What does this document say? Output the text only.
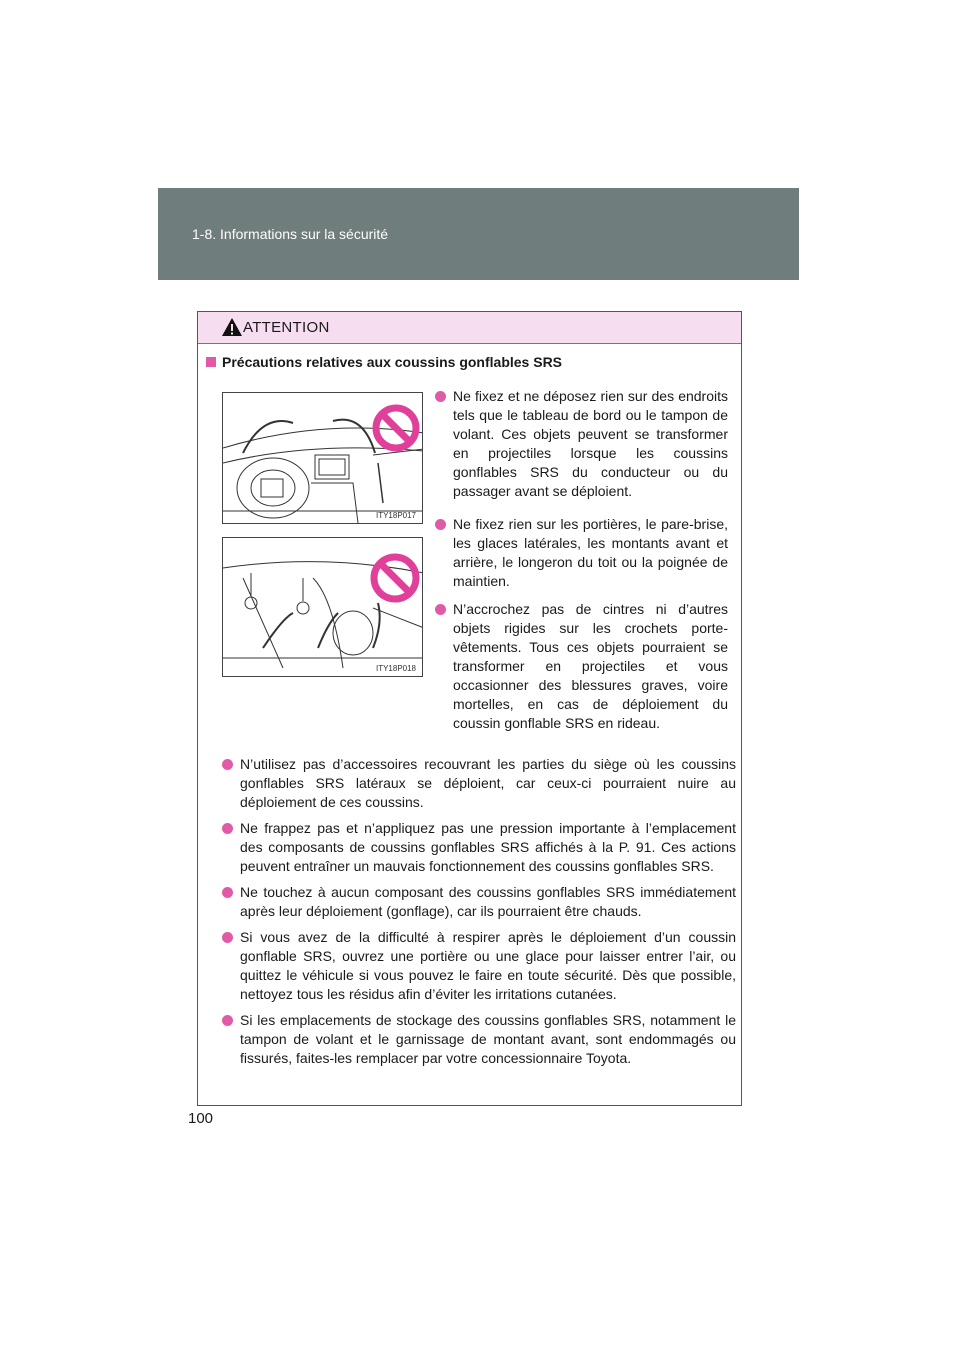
1-8. Informations sur la sécurité
ATTENTION
Précautions relatives aux coussins gonflables SRS
ITY18P017
ITY18P018
Ne fixez et ne déposez rien sur des endroits tels que le tableau de bord ou le tampon de volant. Ces objets peuvent se transformer en projectiles lorsque les coussins gonflables SRS du conducteur ou du passager avant se déploient.
Ne fixez rien sur les portières, le pare-brise, les glaces latérales, les montants avant et arrière, le longeron du toit ou la poignée de maintien.
N’accrochez pas de cintres ni d’autres objets rigides sur les crochets porte-vêtements. Tous ces objets pourraient se transformer en projectiles et vous occasionner des blessures graves, voire mortelles, en cas de déploiement du coussin gonflable SRS en rideau.
N’utilisez pas d’accessoires recouvrant les parties du siège où les coussins gonflables SRS latéraux se déploient, car ceux-ci pourraient nuire au déploiement de ces coussins.
Ne frappez pas et n’appliquez pas une pression importante à l’emplacement des composants de coussins gonflables SRS affichés à la P. 91. Ces actions peuvent entraîner un mauvais fonctionnement des coussins gonflables SRS.
Ne touchez à aucun composant des coussins gonflables SRS immédiatement après leur déploiement (gonflage), car ils pourraient être chauds.
Si vous avez de la difficulté à respirer après le déploiement d’un coussin gonflable SRS, ouvrez une portière ou une glace pour laisser entrer l’air, ou quittez le véhicule si vous pouvez le faire en toute sécurité. Dès que possible, nettoyez tous les résidus afin d’éviter les irritations cutanées.
Si les emplacements de stockage des coussins gonflables SRS, notamment le tampon de volant et le garnissage de montant avant, sont endommagés ou fissurés, faites-les remplacer par votre concessionnaire Toyota.
100
